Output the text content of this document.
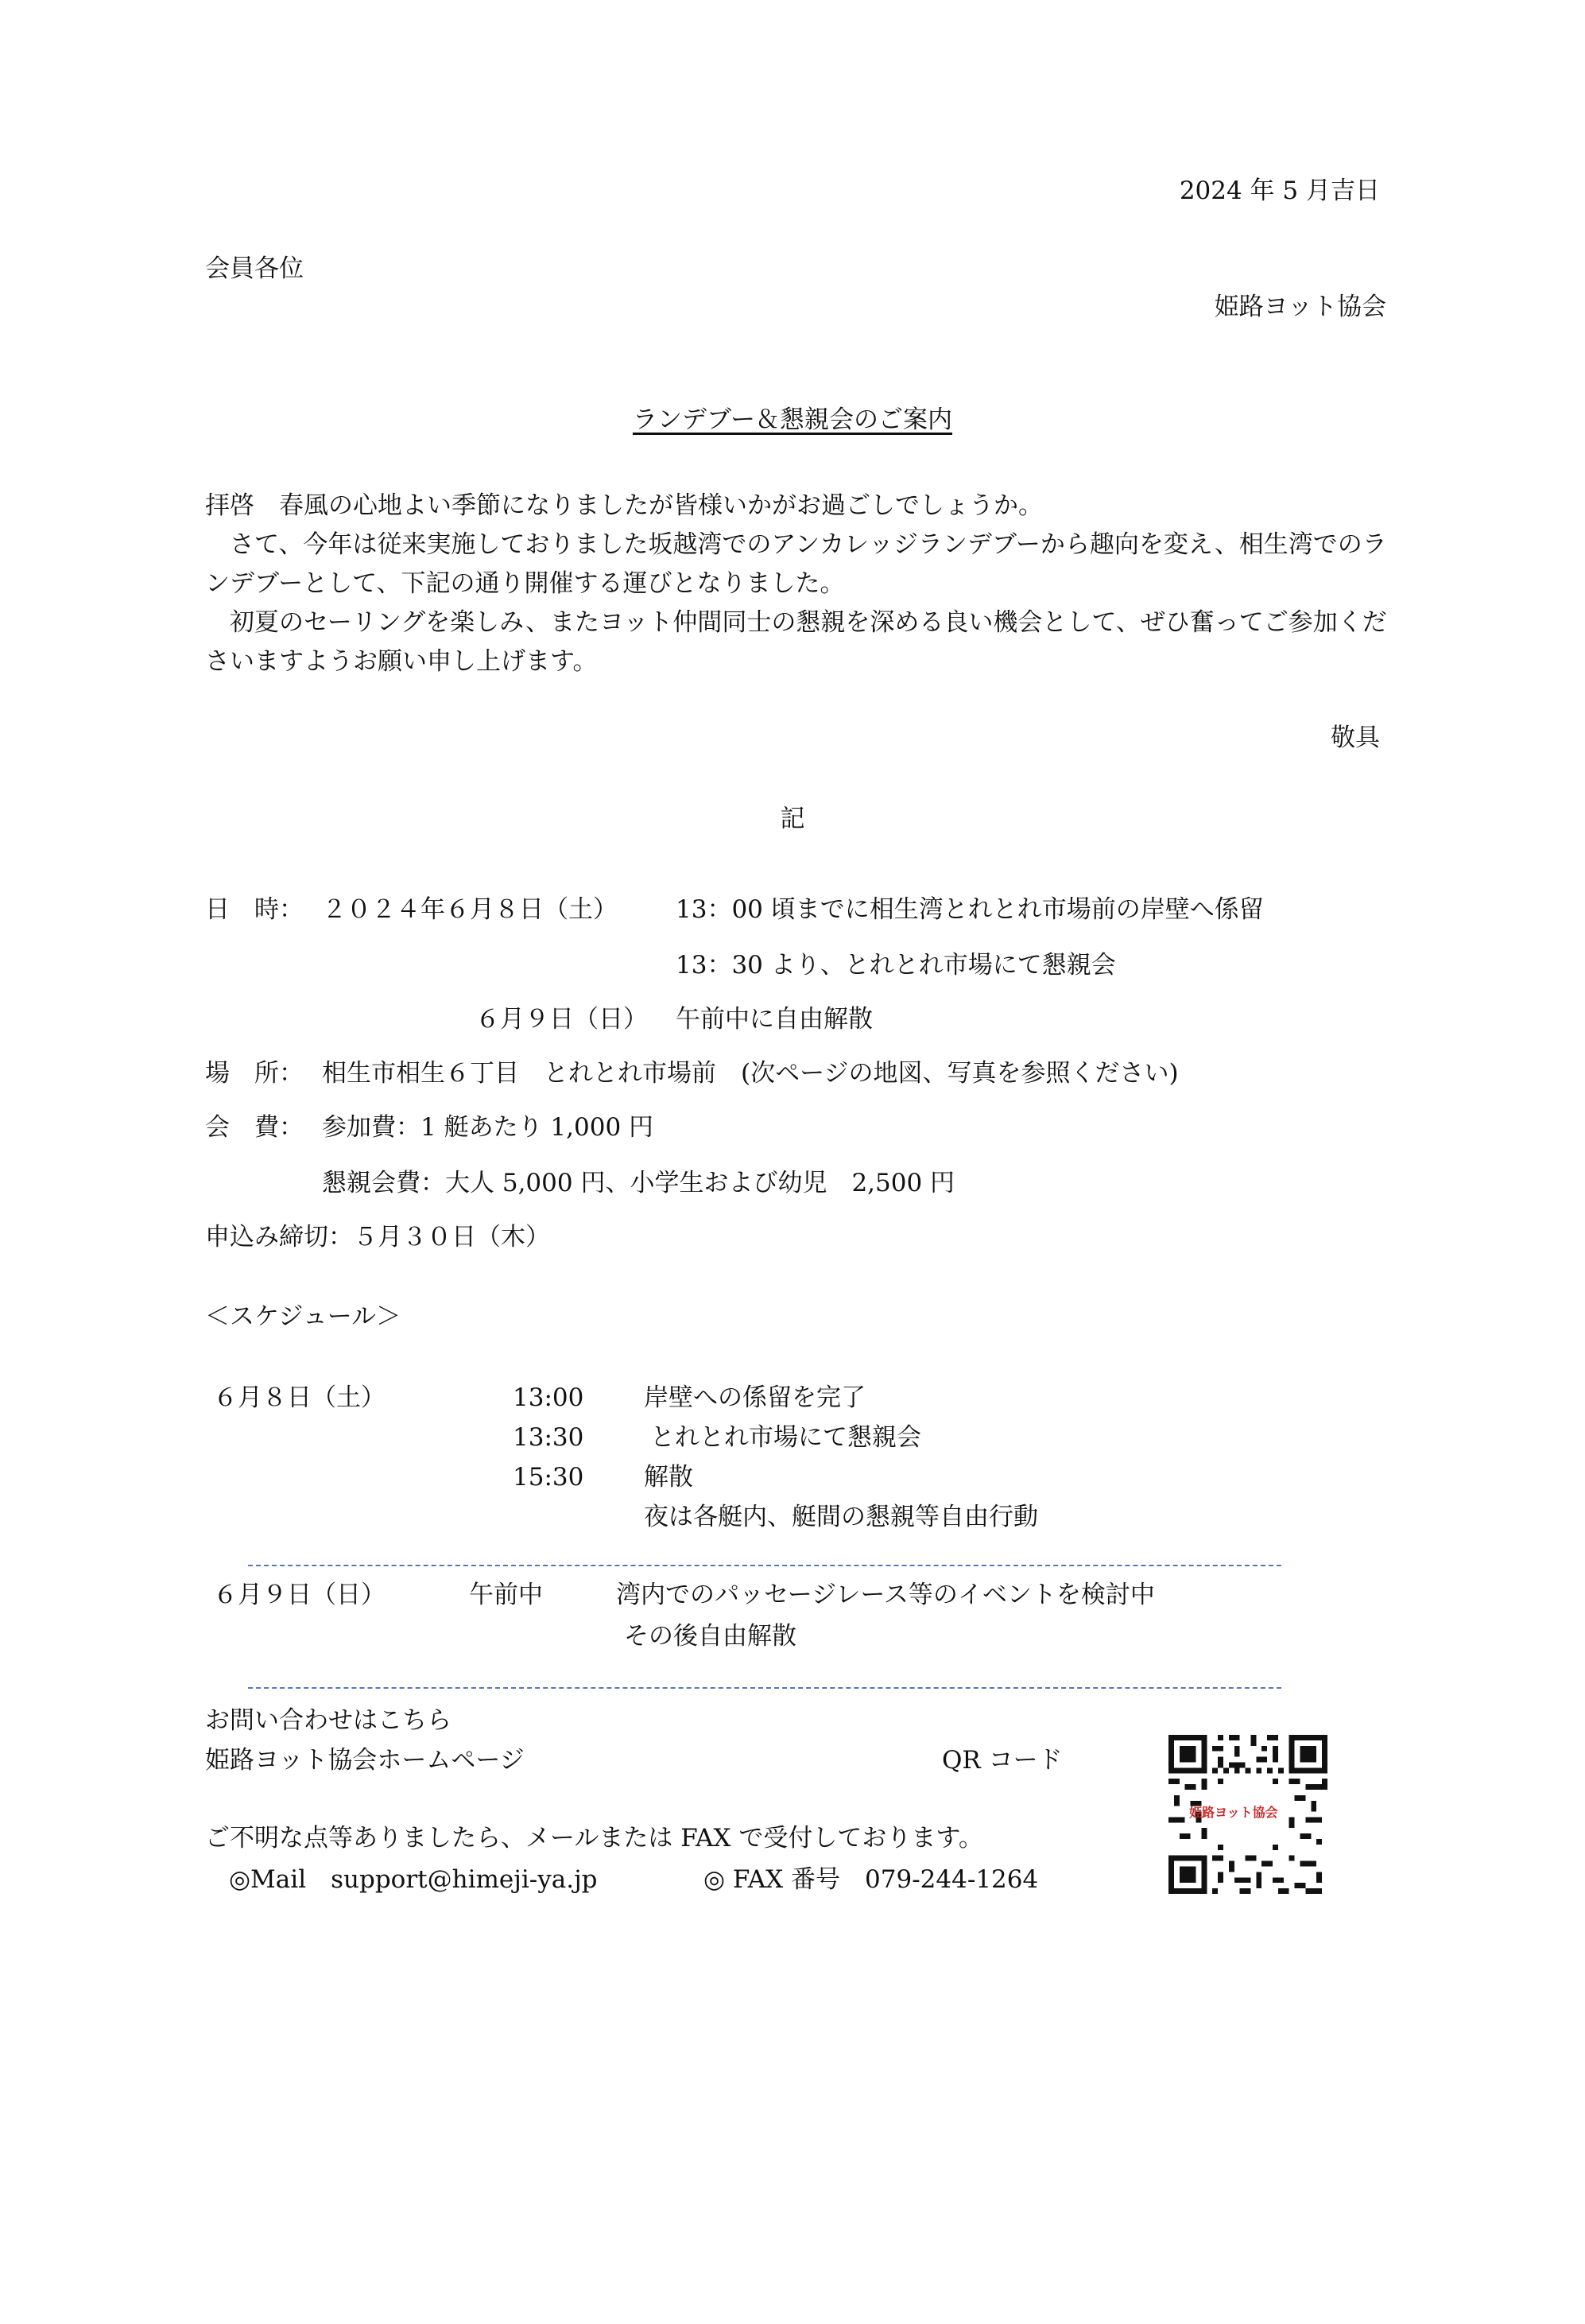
2024 年 5 月吉日
会員各位
姫路ヨット協会
ランデブー＆懇親会のご案内

拝啓　春風の心地よい季節になりましたが皆様いかがお過ごしでしょうか。

さて、今年は従来実施しておりました坂越湾でのアンカレッジランデブーから趣向を変え、相生湾でのランデブーとして、下記の通り開催する運びとなりました。

初夏のセーリングを楽しみ、またヨット仲間同士の懇親を深める良い機会として、ぜひ奮ってご参加くださいますようお願い申し上げます。

敬具
記
日　時： ２０２４年６月８日（土） 13：00 頃までに相生湾とれとれ市場前の岸壁へ係留
13：30 より、とれとれ市場にて懇親会
６月９日（日） 午前中に自由解散
場　所： 相生市相生６丁目　とれとれ市場前　(次ページの地図、写真を参照ください)
会　費： 参加費：1 艇あたり 1,000 円
懇親会費：大人 5,000 円、小学生および幼児　2,500 円
申込み締切：５月３０日（木）
＜スケジュール＞
６月８日（土）	13:00 岸壁への係留を完了
13:30	とれとれ市場にて懇親会
15:30 解散
夜は各艇内、艇間の懇親等自由行動
６月９日（日）	午前中	湾内でのパッセージレース等のイベントを検討中
その後自由解散
お問い合わせはこちら
姫路ヨット協会ホームページ	QR コード
姫路ヨット協会
ご不明な点等ありましたら、メールまたは FAX で受付しております。
◎Mail　support@himeji-ya.jp	◎ FAX 番号　079-244-1264
